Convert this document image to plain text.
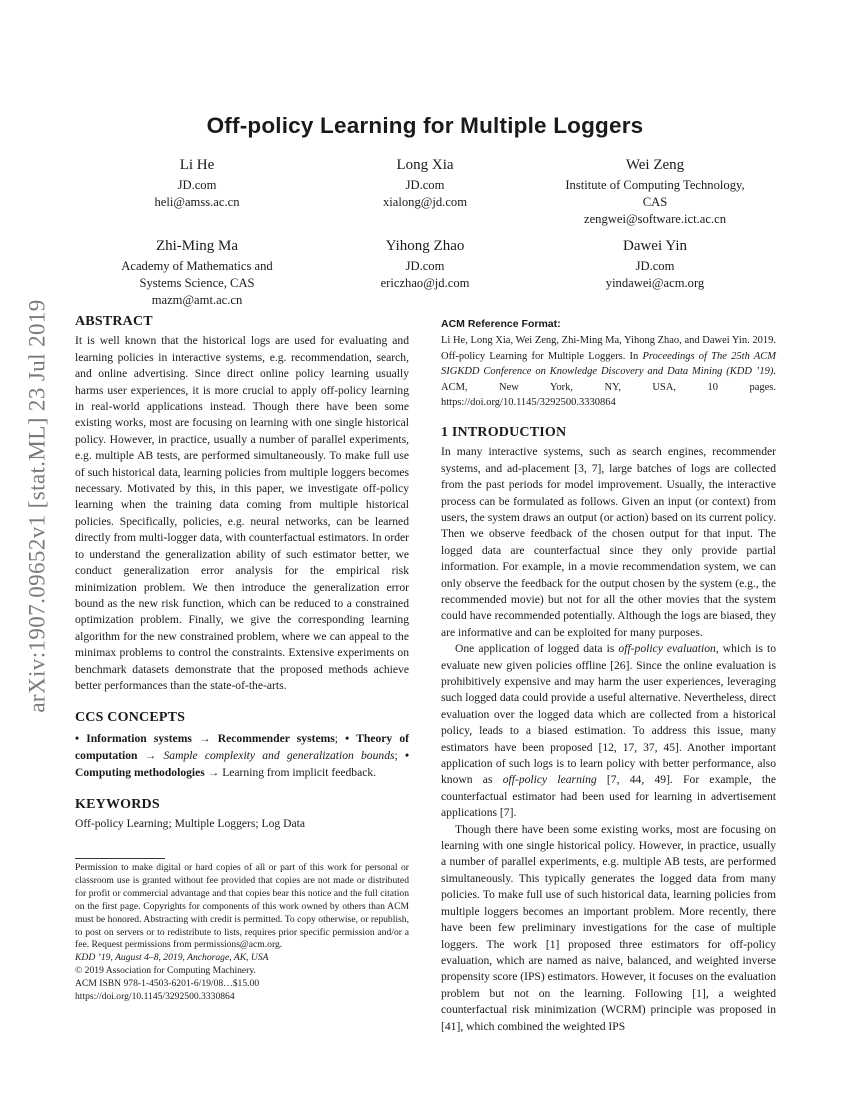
arXiv:1907.09652v1 [stat.ML] 23 Jul 2019
Off-policy Learning for Multiple Loggers
Li He
JD.com
heli@amss.ac.cn
Long Xia
JD.com
xialong@jd.com
Wei Zeng
Institute of Computing Technology,
CAS
zengwei@software.ict.ac.cn
Zhi-Ming Ma
Academy of Mathematics and
Systems Science, CAS
mazm@amt.ac.cn
Yihong Zhao
JD.com
ericzhao@jd.com
Dawei Yin
JD.com
yindawei@acm.org
ABSTRACT

It is well known that the historical logs are used for evaluating and learning policies in interactive systems, e.g. recommendation, search, and online advertising. Since direct online policy learning usually harms user experiences, it is more crucial to apply off-policy learning in real-world applications instead. Though there have been some existing works, most are focusing on learning with one single historical policy. However, in practice, usually a number of parallel experiments, e.g. multiple AB tests, are performed simultaneously. To make full use of such historical data, learning policies from multiple loggers becomes necessary. Motivated by this, in this paper, we investigate off-policy learning when the training data coming from multiple historical policies. Specifically, policies, e.g. neural networks, can be learned directly from multi-logger data, with counterfactual estimators. In order to understand the generalization ability of such estimator better, we conduct generalization error analysis for the empirical risk minimization problem. We then introduce the generalization error bound as the new risk function, which can be reduced to a constrained optimization problem. Finally, we give the corresponding learning algorithm for the new constrained problem, where we can appeal to the minimax problems to control the constraints. Extensive experiments on benchmark datasets demonstrate that the proposed methods achieve better performances than the state-of-the-arts.

CCS CONCEPTS

• Information systems → Recommender systems; • Theory of computation → Sample complexity and generalization bounds; • Computing methodologies → Learning from implicit feedback.

KEYWORDS

Off-policy Learning; Multiple Loggers; Log Data

Permission to make digital or hard copies of all or part of this work for personal or classroom use is granted without fee provided that copies are not made or distributed for profit or commercial advantage and that copies bear this notice and the full citation on the first page. Copyrights for components of this work owned by others than ACM must be honored. Abstracting with credit is permitted. To copy otherwise, or republish, to post on servers or to redistribute to lists, requires prior specific permission and/or a fee. Request permissions from permissions@acm.org.

KDD ’19, August 4–8, 2019, Anchorage, AK, USA

© 2019 Association for Computing Machinery.

ACM ISBN 978-1-4503-6201-6/19/08…$15.00

https://doi.org/10.1145/3292500.3330864

ACM Reference Format:

Li He, Long Xia, Wei Zeng, Zhi-Ming Ma, Yihong Zhao, and Dawei Yin. 2019. Off-policy Learning for Multiple Loggers. In Proceedings of The 25th ACM SIGKDD Conference on Knowledge Discovery and Data Mining (KDD ’19). ACM, New York, NY, USA, 10 pages. https://doi.org/10.1145/3292500.3330864

1 INTRODUCTION

In many interactive systems, such as search engines, recommender systems, and ad-placement [3, 7], large batches of logs are collected from the past periods for model improvement. Usually, the interactive process can be formulated as follows. Given an input (or context) from users, the system draws an output (or action) based on its current policy. Then we observe feedback of the chosen output for that input. The logged data are counterfactual since they only provide partial information. For example, in a movie recommendation system, we can only observe the feedback for the output chosen by the system (e.g., the recommended movie) but not for all the other movies that the system could have recommended potentially. Although the logs are biased, they are informative and can be exploited for many purposes.

One application of logged data is off-policy evaluation, which is to evaluate new given policies offline [26]. Since the online evaluation is prohibitively expensive and may harm the user experiences, leveraging such logged data could provide a useful alternative. Nevertheless, direct evaluation over the logged data which are collected from a historical policy, leads to a biased estimation. To address this issue, many estimators have been proposed [12, 17, 37, 45]. Another important application of such logs is to learn policy with better performance, also known as off-policy learning [7, 44, 49]. For example, the counterfactual estimator had been used for learning in advertisement applications [7].

Though there have been some existing works, most are focusing on learning with one single historical policy. However, in practice, usually a number of parallel experiments, e.g. multiple AB tests, are performed simultaneously. This typically generates the logged data from many policies. To make full use of such historical data, learning policies from multiple loggers becomes an important problem. More recently, there have been few preliminary investigations for the case of multiple loggers. The work [1] proposed three estimators for off-policy evaluation, which are named as naive, balanced, and weighted inverse propensity score (IPS) estimators. However, it focuses on the evaluation problem but not on the learning. Following [1], a weighted counterfactual risk minimization (WCRM) principle was proposed in [41], which combined the weighted IPS
